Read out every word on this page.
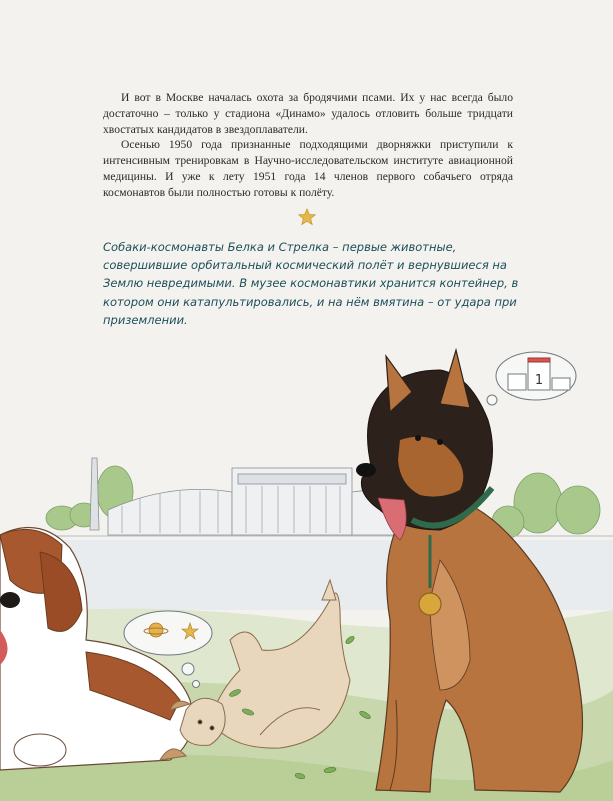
И вот в Москве началась охота за бродячими псами. Их у нас всегда было достаточно – только у стадиона «Динамо» удалось отловить больше тридцати хвостатых кандидатов в звездоплаватели.

Осенью 1950 года признанные подходящими дворняжки приступили к интенсивным тренировкам в Научно-исследовательском институте авиационной медицины. И уже к лету 1951 года 14 членов первого собачьего отряда космонавтов были полностью готовы к полёту.

Собаки-космонавты Белка и Стрелка – первые животные, совершившие орбитальный космический полёт и вернувшиеся на Землю невредимыми. В музее космонавтики хранится контейнер, в котором они катапультировались, и на нём вмятина – от удара при приземлении.
1
